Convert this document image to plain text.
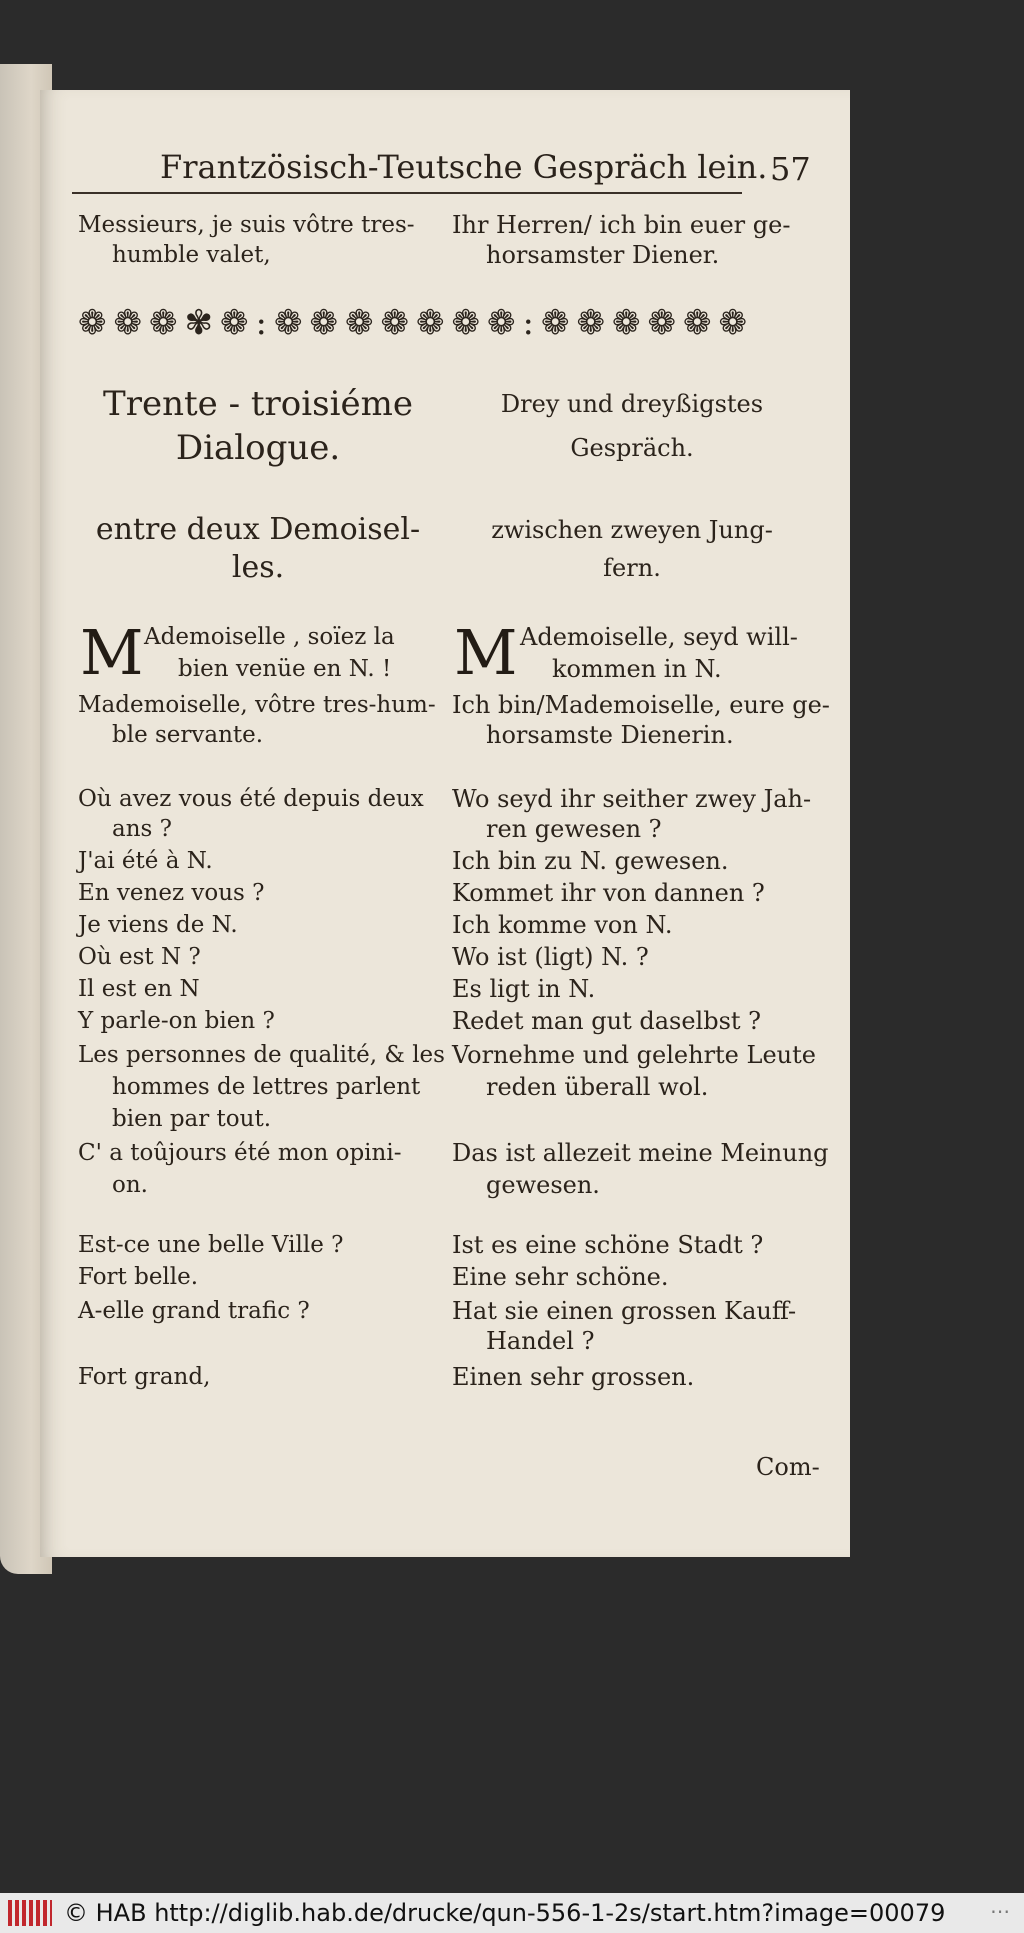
Frantzösisch-Teutsche Gespräch lein. 57
Messieurs, je suis vôtre tres-
humble valet,
Ihr Herren/ ich bin euer ge-
horsamster Diener.
❁ ❁ ❁ ✾ ❁ : ❁ ❁ ❁ ❁ ❁ ❁ ❁ : ❁ ❁ ❁ ❁ ❁ ❁
Trente - troisiéme
Dialogue.
Drey und dreyßigstes
Gespräch.
entre deux Demoisel-
les.
zwischen zweyen Jung-
fern.
M Ademoiselle , soïez la
bien venüe en N. ! M Ademoiselle, seyd will-
kommen in N.
Mademoiselle, vôtre tres-hum-
ble servante.
Où avez vous été depuis deux
ans ?
J'ai été à N.
En venez vous ?
Je viens de N.
Où est N ?
Il est en N
Y parle-on bien ?
Les personnes de qualité, & les
hommes de lettres parlent
bien par tout.
C' a toûjours été mon opini-
on.
Est-ce une belle Ville ?
Fort belle.
A-elle grand trafic ?
Fort grand,
Ich bin/Mademoiselle, eure ge-
horsamste Dienerin.
Wo seyd ihr seither zwey Jah-
ren gewesen ?
Ich bin zu N. gewesen.
Kommet ihr von dannen ?
Ich komme von N.
Wo ist (ligt) N. ?
Es ligt in N.
Redet man gut daselbst ?
Vornehme und gelehrte Leute
reden überall wol.
Das ist allezeit meine Meinung
gewesen.
Ist es eine schöne Stadt ?
Eine sehr schöne.
Hat sie einen grossen Kauff-
Handel ?
Einen sehr grossen.
Com-
© HAB http://diglib.hab.de/drucke/qun-556-1-2s/start.htm?image=00079 ⋯
